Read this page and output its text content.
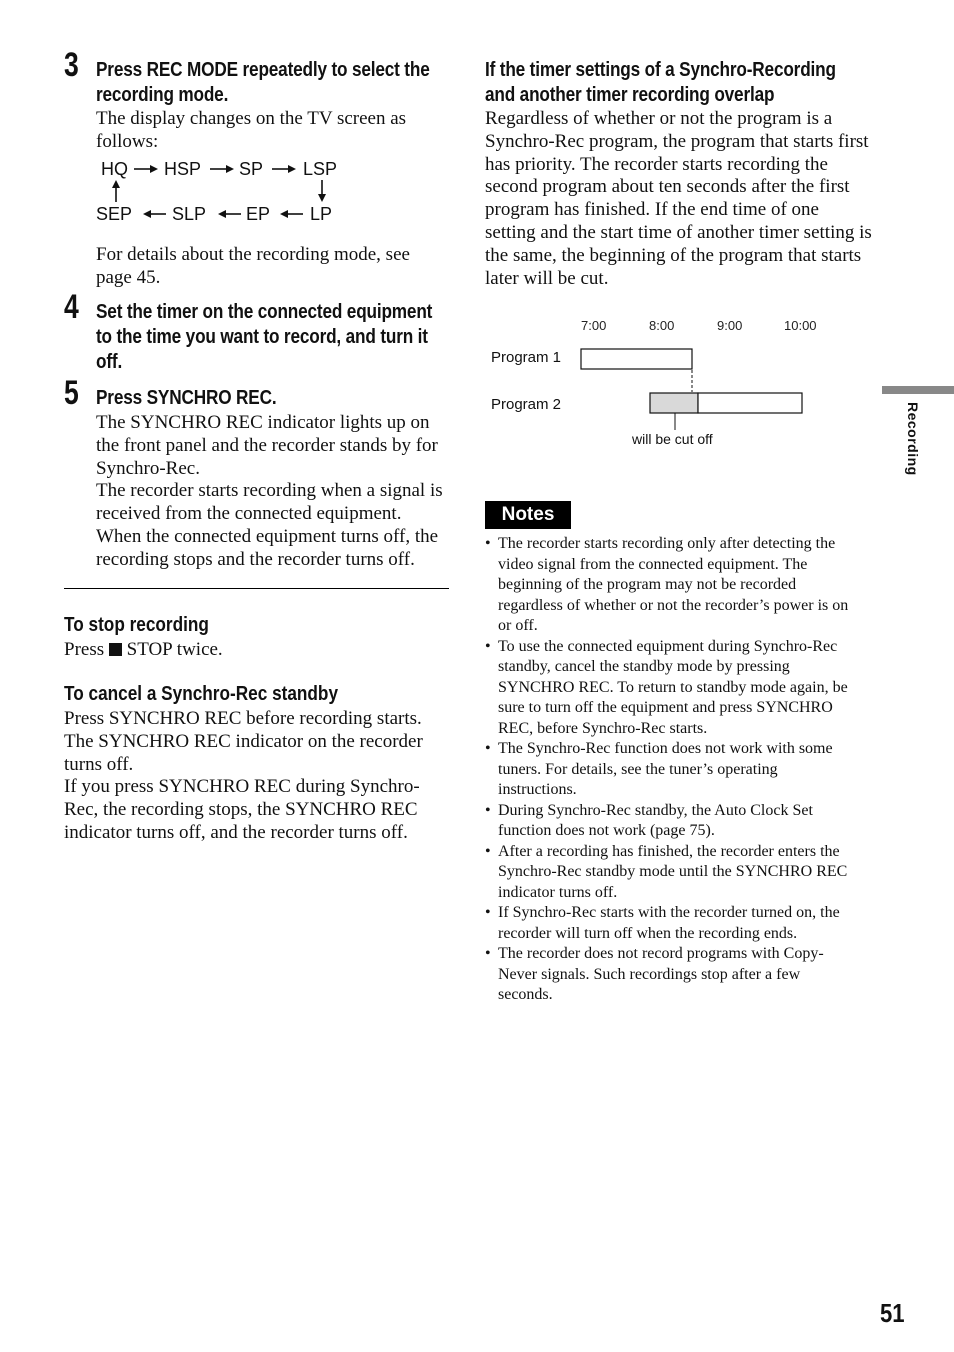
3 Press REC MODE repeatedly to select the
recording mode.

The display changes on the TV screen as

follows:

HQ HSP SP LSP
SEP SLP EP LP

For details about the recording mode, see

page 45.

4 Set the timer on the connected equipment
to the time you want to record, and turn it
off.
5 Press SYNCHRO REC.

The SYNCHRO REC indicator lights up on

the front panel and the recorder stands by for

Synchro-Rec.

The recorder starts recording when a signal is

received from the connected equipment.

When the connected equipment turns off, the

recording stops and the recorder turns off.

To stop recording

Press STOP twice.

To cancel a Synchro-Rec standby

Press SYNCHRO REC before recording starts.

The SYNCHRO REC indicator on the recorder

turns off.

If you press SYNCHRO REC during Synchro-

Rec, the recording stops, the SYNCHRO REC

indicator turns off, and the recorder turns off.

If the timer settings of a Synchro-Recording
and another timer recording overlap

Regardless of whether or not the program is a

Synchro-Rec program, the program that starts first

has priority. The recorder starts recording the

second program about ten seconds after the first

program has finished. If the end time of one

setting and the start time of another timer setting is

the same, the beginning of the program that starts

later will be cut.

7:00	8:00	9:00	10:00
Program 1
Program 2
will be cut off
Notes
• The recorder starts recording only after detecting the
video signal from the connected equipment. The
beginning of the program may not be recorded
regardless of whether or not the recorder’s power is on
or off.
• To use the connected equipment during Synchro-Rec
standby, cancel the standby mode by pressing
SYNCHRO REC. To return to standby mode again, be
sure to turn off the equipment and press SYNCHRO
REC, before Synchro-Rec starts.
• The Synchro-Rec function does not work with some
tuners. For details, see the tuner’s operating
instructions.
• During Synchro-Rec standby, the Auto Clock Set
function does not work (page 75).
• After a recording has finished, the recorder enters the
Synchro-Rec standby mode until the SYNCHRO REC
indicator turns off.
• If Synchro-Rec starts with the recorder turned on, the
recorder will turn off when the recording ends.
• The recorder does not record programs with Copy-
Never signals. Such recordings stop after a few
seconds.
Recording
51
